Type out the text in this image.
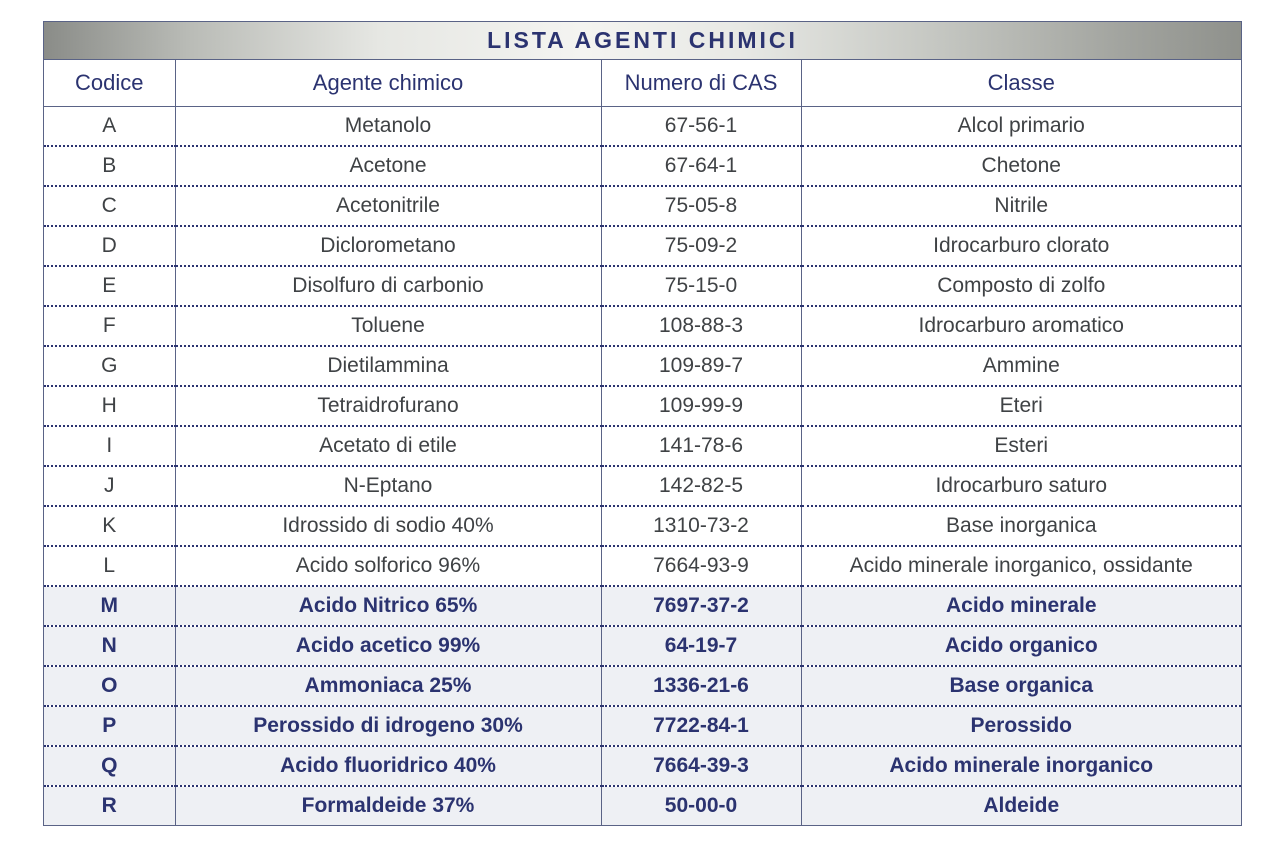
LISTA AGENTI CHIMICI
Codice	Agente chimico	Numero di CAS	Classe
A	Metanolo	67-56-1	Alcol primario
B	Acetone	67-64-1	Chetone
C	Acetonitrile	75-05-8	Nitrile
D	Diclorometano	75-09-2	Idrocarburo clorato
E	Disolfuro di carbonio	75-15-0	Composto di zolfo
F	Toluene	108-88-3	Idrocarburo aromatico
G	Dietilammina	109-89-7	Ammine
H	Tetraidrofurano	109-99-9	Eteri
I	Acetato di etile	141-78-6	Esteri
J	N-Eptano	142-82-5	Idrocarburo saturo
K	Idrossido di sodio 40%	1310-73-2	Base inorganica
L	Acido solforico 96%	7664-93-9	Acido minerale inorganico, ossidante
M	Acido Nitrico 65%	7697-37-2	Acido minerale
N	Acido acetico 99%	64-19-7	Acido organico
O	Ammoniaca 25%	1336-21-6	Base organica
P	Perossido di idrogeno 30%	7722-84-1	Perossido
Q	Acido fluoridrico 40%	7664-39-3	Acido minerale inorganico
R	Formaldeide 37%	50-00-0	Aldeide
